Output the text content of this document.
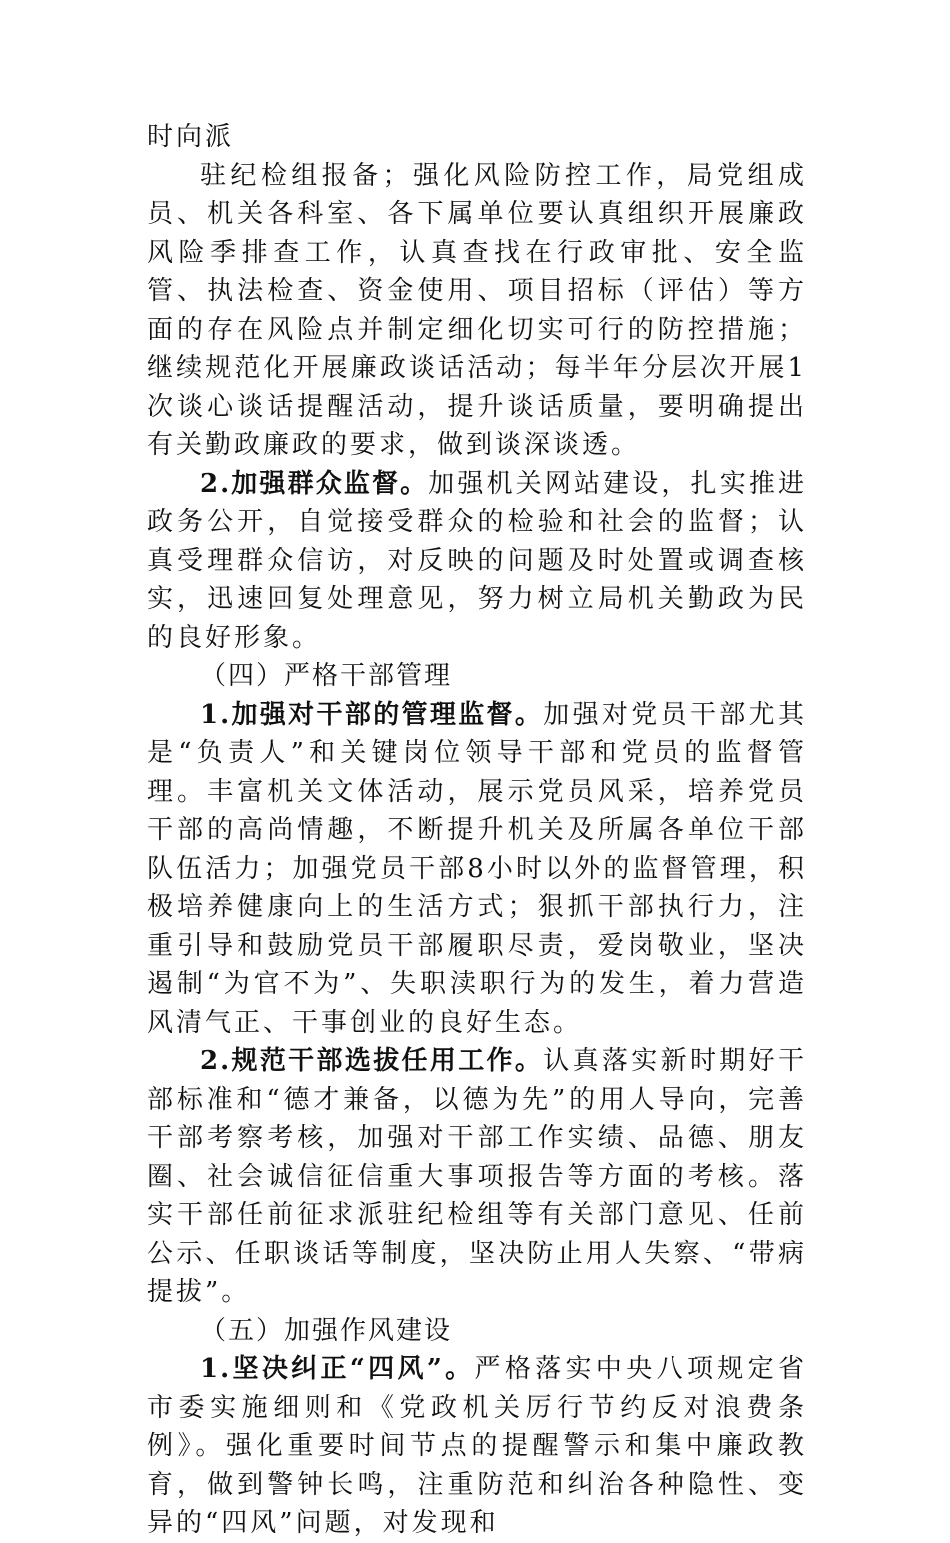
时向派

驻纪检组报备；强化风险防控工作，局党组成员、机关各科室、各下属单位要认真组织开展廉政风险季排查工作，认真查找在行政审批、安全监管、执法检查、资金使用、项目招标（评估）等方面的存在风险点并制定细化切实可行的防控措施；继续规范化开展廉政谈话活动；每半年分层次开展1次谈心谈话提醒活动，提升谈话质量，要明确提出有关勤政廉政的要求，做到谈深谈透。

2.加强群众监督。加强机关网站建设，扎实推进政务公开，自觉接受群众的检验和社会的监督；认真受理群众信访，对反映的问题及时处置或调查核实，迅速回复处理意见，努力树立局机关勤政为民的良好形象。

（四）严格干部管理

1.加强对干部的管理监督。加强对党员干部尤其是“负责人”和关键岗位领导干部和党员的监督管理。丰富机关文体活动，展示党员风采，培养党员干部的高尚情趣，不断提升机关及所属各单位干部队伍活力；加强党员干部8小时以外的监督管理，积极培养健康向上的生活方式；狠抓干部执行力，注重引导和鼓励党员干部履职尽责，爱岗敬业，坚决遏制“为官不为”、失职渎职行为的发生，着力营造风清气正、干事创业的良好生态。

2.规范干部选拔任用工作。认真落实新时期好干部标准和“德才兼备，以德为先”的用人导向，完善干部考察考核，加强对干部工作实绩、品德、朋友圈、社会诚信征信重大事项报告等方面的考核。落实干部任前征求派驻纪检组等有关部门意见、任前公示、任职谈话等制度，坚决防止用人失察、“带病提拔”。

（五）加强作风建设

1.坚决纠正“四风”。严格落实中央八项规定省市委实施细则和《党政机关厉行节约反对浪费条例》。强化重要时间节点的提醒警示和集中廉政教育，做到警钟长鸣，注重防范和纠治各种隐性、变异的“四风”问题，对发现和
